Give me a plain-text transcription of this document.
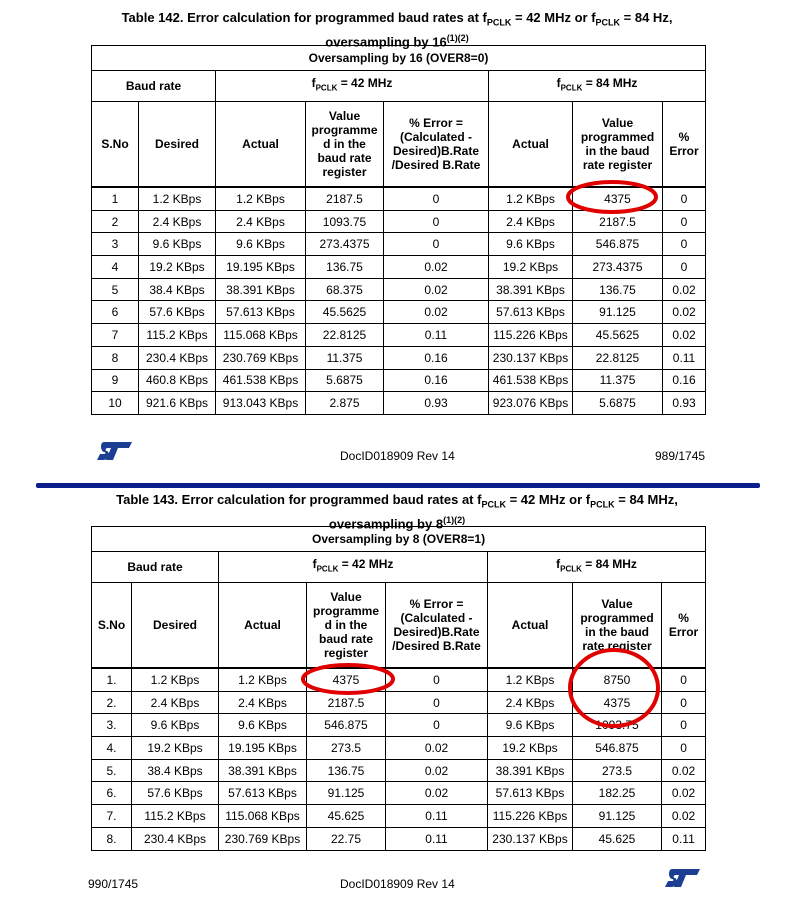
Table 142. Error calculation for programmed baud rates at $f_{PCLK} = 42$ MHz or $f_{PCLK} = 84$ Hz,
oversampling by $16^{(1)(2)}$
Oversampling by 16 (OVER8=0)							
Baud rate		$f_{PCLK} = 42$ MHz			$f_{PCLK} = 84$ MHz		
S.No	Desired	Actual	Value programme d in the baud rate register	% Error = (Calculated - Desired)B.Rate /Desired B.Rate	Actual	Value programmed in the baud rate register	% Error
1	1.2 KBps	1.2 KBps	2187.5	0	1.2 KBps	4375	0
2	2.4 KBps	2.4 KBps	1093.75	0	2.4 KBps	2187.5	0
3	9.6 KBps	9.6 KBps	273.4375	0	9.6 KBps	546.875	0
4	19.2 KBps	19.195 KBps	136.75	0.02	19.2 KBps	273.4375	0
5	38.4 KBps	38.391 KBps	68.375	0.02	38.391 KBps	136.75	0.02
6	57.6 KBps	57.613 KBps	45.5625	0.02	57.613 KBps	91.125	0.02
7	115.2 KBps	115.068 KBps	22.8125	0.11	115.226 KBps	45.5625	0.02
8	230.4 KBps	230.769 KBps	11.375	0.16	230.137 KBps	22.8125	0.11
9	460.8 KBps	461.538 KBps	5.6875	0.16	461.538 KBps	11.375	0.16
10	921.6 KBps	913.043 KBps	2.875	0.93	923.076 KBps	5.6875	0.93
DocID018909 Rev 14	989/1745
Table 143. Error calculation for programmed baud rates at $f_{PCLK} = 42$ MHz or $f_{PCLK} = 84$ MHz,
oversampling by $8^{(1)(2)}$
Oversampling by 8 (OVER8=1)							
Baud rate		$f_{PCLK} = 42$ MHz			$f_{PCLK} = 84$ MHz		
S.No	Desired	Actual	Value programme d in the baud rate register	% Error = (Calculated - Desired)B.Rate /Desired B.Rate	Actual	Value programmed in the baud rate register	% Error
1.	1.2 KBps	1.2 KBps	4375	0	1.2 KBps	8750	0
2.	2.4 KBps	2.4 KBps	2187.5	0	2.4 KBps	4375	0
3.	9.6 KBps	9.6 KBps	546.875	0	9.6 KBps	1093.75	0
4.	19.2 KBps	19.195 KBps	273.5	0.02	19.2 KBps	546.875	0
5.	38.4 KBps	38.391 KBps	136.75	0.02	38.391 KBps	273.5	0.02
6.	57.6 KBps	57.613 KBps	91.125	0.02	57.613 KBps	182.25	0.02
7.	115.2 KBps	115.068 KBps	45.625	0.11	115.226 KBps	91.125	0.02
8.	230.4 KBps	230.769 KBps	22.75	0.11	230.137 KBps	45.625	0.11
990/1745	DocID018909 Rev 14
